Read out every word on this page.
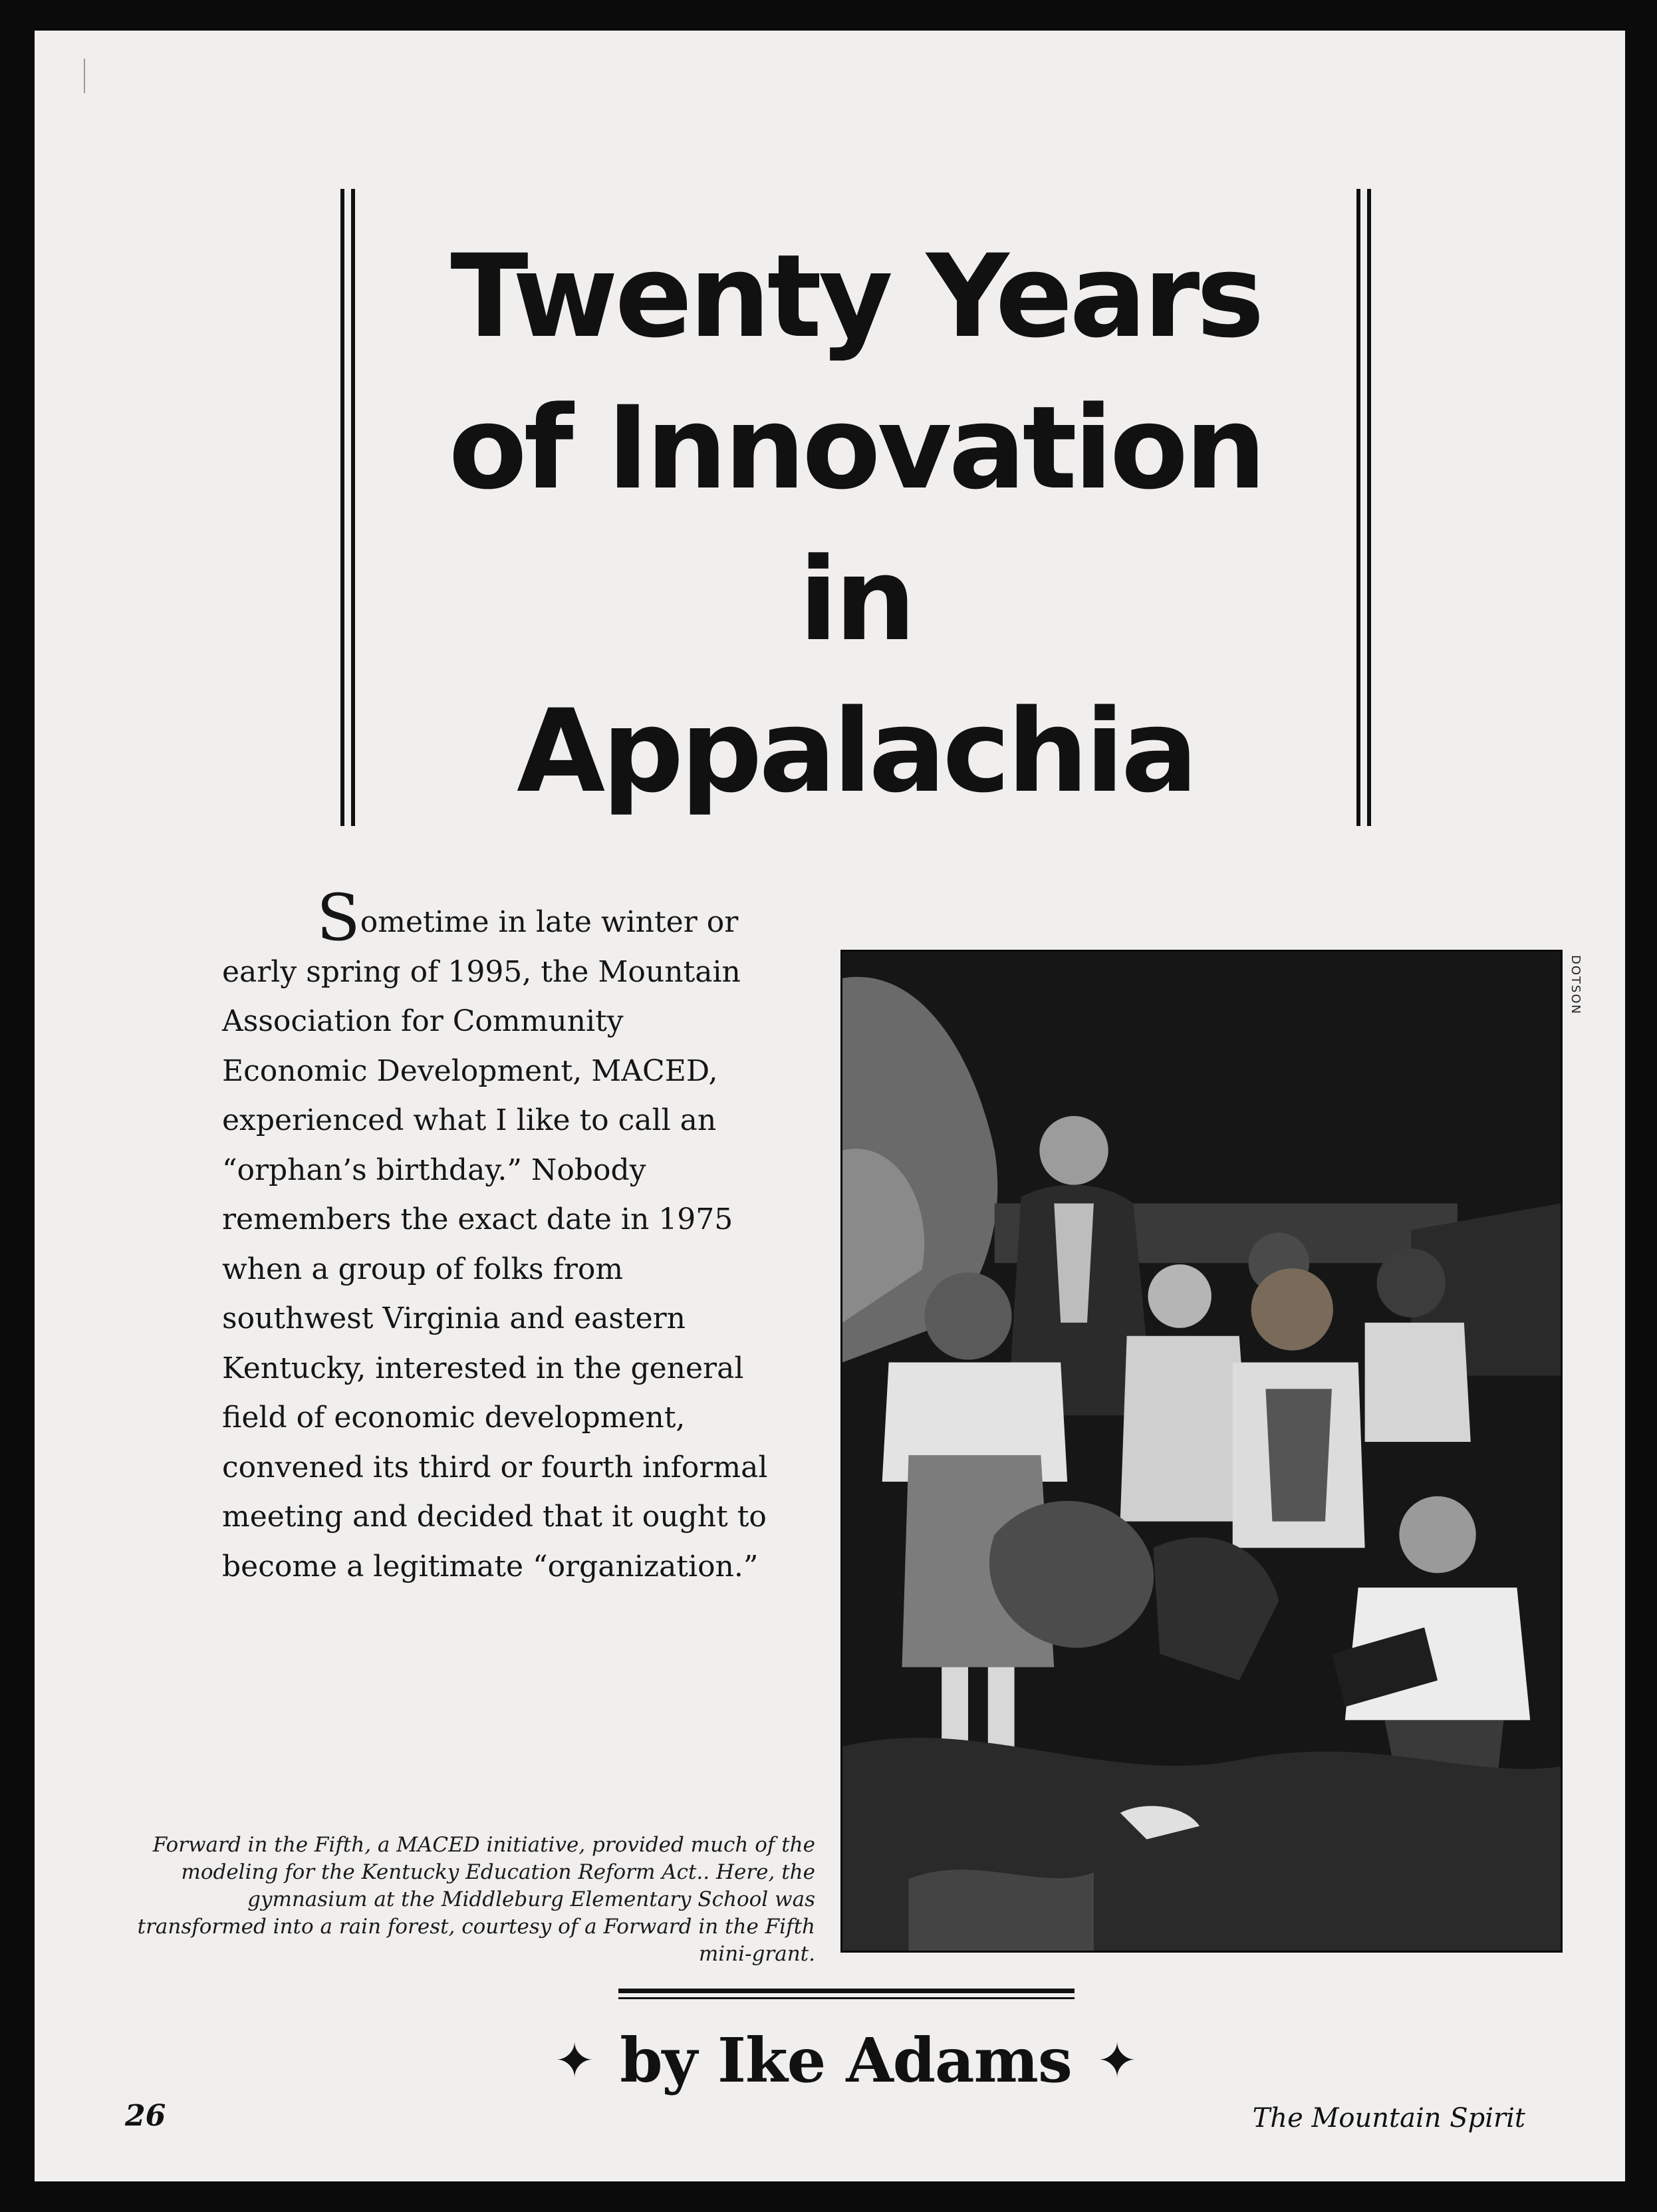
Twenty Years
of Innovation
in
Appalachia

Sometime in late winter or early spring of 1995, the Mountain Association for Community Economic Development, MACED, experienced what I like to call an “orphan’s birthday.” Nobody remembers the exact date in 1975 when a group of folks from southwest Virginia and eastern Kentucky, interested in the general field of economic development, convened its third or fourth informal meeting and decided that it ought to become a legitimate “organization.”

DOTSON

Forward in the Fifth, a MACED initiative, provided much of the modeling for the Kentucky Education Reform Act.. Here, the gymnasium at the Middleburg Elementary School was transformed into a rain forest, courtesy of a Forward in the Fifth mini-grant.

✦ by Ike Adams ✦
26	The Mountain Spirit
